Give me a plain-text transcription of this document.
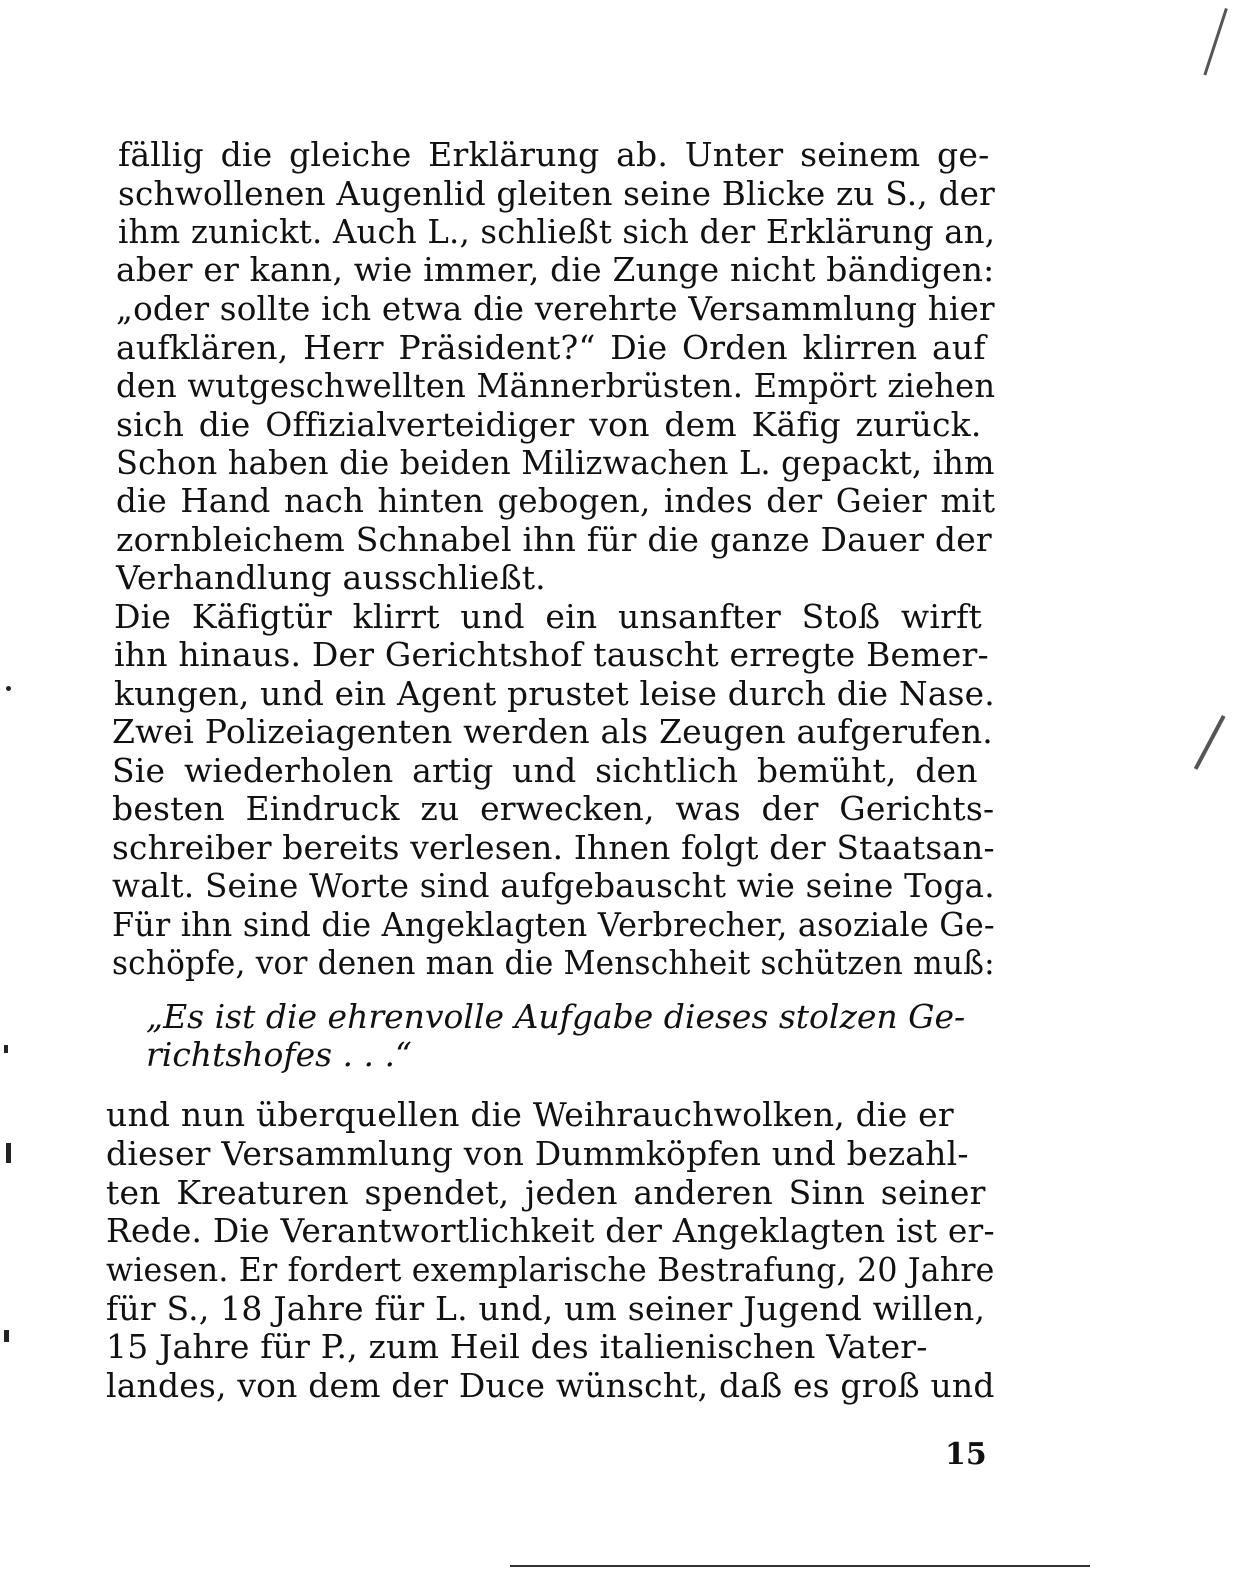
fällig die gleiche Erklärung ab. Unter seinem ge-
schwollenen Augenlid gleiten seine Blicke zu S., der
ihm zunickt. Auch L., schließt sich der Erklärung an,
aber er kann, wie immer, die Zunge nicht bändigen:
„oder sollte ich etwa die verehrte Versammlung hier
aufklären, Herr Präsident?“ Die Orden klirren auf
den wutgeschwellten Männerbrüsten. Empört ziehen
sich die Offizialverteidiger von dem Käfig zurück.
Schon haben die beiden Milizwachen L. gepackt, ihm
die Hand nach hinten gebogen, indes der Geier mit
zornbleichem Schnabel ihn für die ganze Dauer der
Verhandlung ausschließt.
Die Käfigtür klirrt und ein unsanfter Stoß wirft
ihn hinaus. Der Gerichtshof tauscht erregte Bemer-
kungen, und ein Agent prustet leise durch die Nase.
Zwei Polizeiagenten werden als Zeugen aufgerufen.
Sie wiederholen artig und sichtlich bemüht, den
besten Eindruck zu erwecken, was der Gerichts-
schreiber bereits verlesen. Ihnen folgt der Staatsan-
walt. Seine Worte sind aufgebauscht wie seine Toga.
Für ihn sind die Angeklagten Verbrecher, asoziale Ge-
schöpfe, vor denen man die Menschheit schützen muß:
„Es ist die ehrenvolle Aufgabe dieses stolzen Ge-
richtshofes . . .“
und nun überquellen die Weihrauchwolken, die er
dieser Versammlung von Dummköpfen und bezahl-
ten Kreaturen spendet, jeden anderen Sinn seiner
Rede. Die Verantwortlichkeit der Angeklagten ist er-
wiesen. Er fordert exemplarische Bestrafung, 20 Jahre
für S., 18 Jahre für L. und, um seiner Jugend willen,
15 Jahre für P., zum Heil des italienischen Vater-
landes, von dem der Duce wünscht, daß es groß und
15
